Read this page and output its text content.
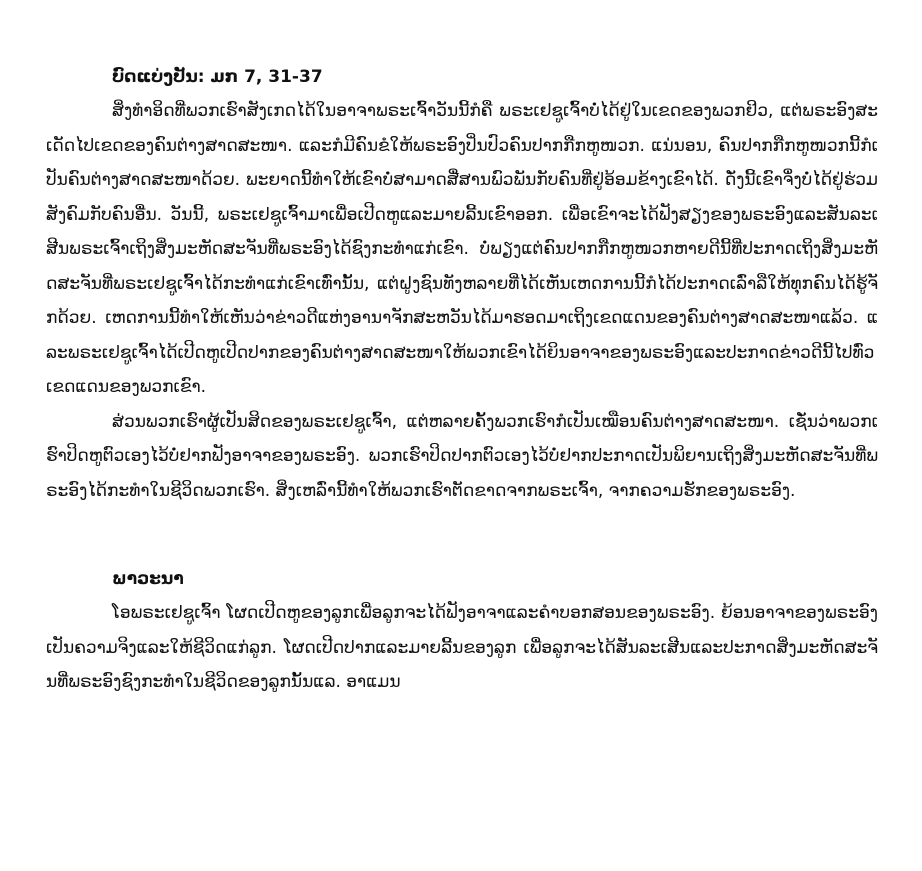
ບົດແບ່ງປັນ: ມກ 7, 31-37

ສິ່ງທຳອິດທີ່ພວກເຮົາສັງເກດໄດ້ໃນອາຈາພຣະເຈົ້າວັນນີ້ກໍຄື ພຣະເຢຊູເຈົ້າບໍ່ໄດ້ຢູ່ໃນເຂດຂອງພວກຢິວ, ແຕ່ພຣະອົງສະເດັດໄປເຂດຂອງຄົນຕ່າງສາດສະໜາ. ແລະກໍມີຄົນຂໍໃຫ້ພຣະອົງປິ່ນປົວຄົນປາກກືກຫູໜວກ. ແນ່ນອນ, ຄົນປາກກືກຫູໜວກນີ້ກໍເປັນຄົນຕ່າງສາດສະໜາດ້ວຍ. ພະຍາດນີ້ທຳໃຫ້ເຂົາບໍ່ສາມາດສື່ສານພົວພັນກັບຄົນທີ່ຢູ່ອ້ອມຂ້າງເຂົາໄດ້. ດັ່ງນີ້ເຂົາຈຶ່ງບໍ່ໄດ້ຢູ່ຮ່ວມສັງຄົມກັບຄົນອື່ນ. ວັນນີ້, ພຣະເຢຊູເຈົ້າມາເພື່ອເປີດຫູແລະມາຍລີ້ນເຂົາອອກ. ເພື່ອເຂົາຈະໄດ້ຟັງສຽງຂອງພຣະອົງແລະສັນລະເສີນພຣະເຈົ້າເຖິງສິ່ງມະຫັດສະຈັນທີ່ພຣະອົງໄດ້ຊົງກະທຳແກ່ເຂົາ. ບໍ່ພຽງແຕ່ຄົນປາກກືກຫູໜວກຫາຍດີນີ້ທີ່ປະກາດເຖິງສິ່ງມະຫັດສະຈັນທີ່ພຣະເຢຊູເຈົ້າໄດ້ກະທຳແກ່ເຂົາເທົ່ານັ້ນ, ແຕ່ຝູງຊົນທັງຫລາຍທີ່ໄດ້ເຫັນເຫດການນີ້ກໍໄດ້ປະກາດເລົ່າລືໃຫ້ທຸກຄົນໄດ້ຮູ້ຈັກດ້ວຍ. ເຫດການນີ້ທຳໃຫ້ເຫັນວ່າຂ່າວດີແຫ່ງອານາຈັກສະຫວັນໄດ້ມາຮອດມາເຖິງເຂດແດນຂອງຄົນຕ່າງສາດສະໜາແລ້ວ. ແລະພຣະເຢຊູເຈົ້າໄດ້ເປີດຫູເປີດປາກຂອງຄົນຕ່າງສາດສະໜາໃຫ້ພວກເຂົາໄດ້ຍິນອາຈາຂອງພຣະອົງແລະປະກາດຂ່າວດີນີ້ໄປທົ່ວເຂດແດນຂອງພວກເຂົາ.

ສ່ວນພວກເຮົາຜູ້ເປັນສິດຂອງພຣະເຢຊູເຈົ້າ, ແຕ່ຫລາຍຄັ້ງພວກເຮົາກໍເປັນເໝືອນຄົນຕ່າງສາດສະໜາ. ເຊັ່ນວ່າພວກເຮົາປິດຫູຕົວເອງໄວ້ບໍ່ຢາກຟັງອາຈາຂອງພຣະອົງ. ພວກເຮົາປິດປາກຕົວເອງໄວ້ບໍ່ຢາກປະກາດເປັນພິຍານເຖິງສິ່ງມະຫັດສະຈັນທີ່ພຣະອົງໄດ້ກະທຳໃນຊີວິດພວກເຮົາ. ສິ່ງເຫລົ່ານີ້ທຳໃຫ້ພວກເຮົາຕັດຂາດຈາກພຣະເຈົ້າ, ຈາກຄວາມຮັກຂອງພຣະອົງ.

ພາວະນາ

ໂອພຣະເຢຊູເຈົ້າ ໂຜດເປີດຫູຂອງລູກເພື່ອລູກຈະໄດ້ຟັງອາຈາແລະຄຳບອກສອນຂອງພຣະອົງ. ຍ້ອນອາຈາຂອງພຣະອົງເປັນຄວາມຈິງແລະໃຫ້ຊີວິດແກ່ລູກ. ໂຜດເປີດປາກແລະມາຍລີ້ນຂອງລູກ ເພື່ອລູກຈະໄດ້ສັນລະເສີນແລະປະກາດສິ່ງມະຫັດສະຈັນທີ່ພຣະອົງຊົງກະທຳໃນຊີວິດຂອງລູກນັ້ນແລ. ອາແມນ
